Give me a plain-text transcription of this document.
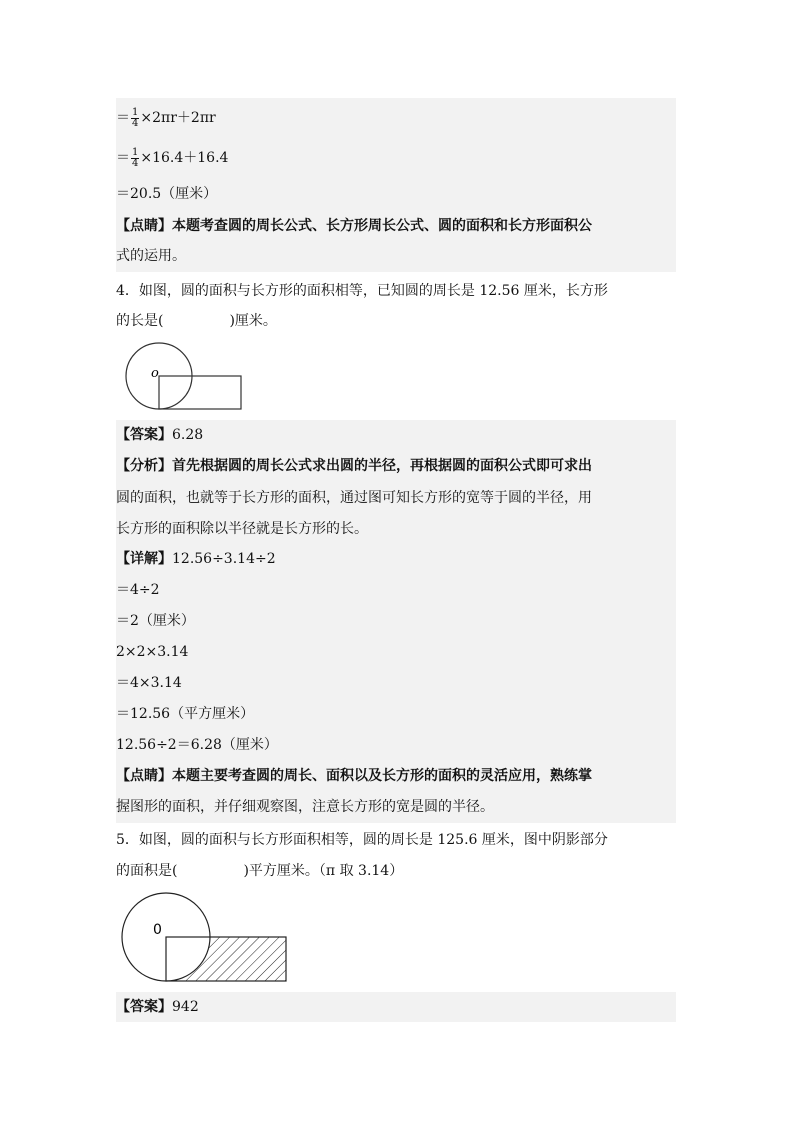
＝ $\frac{1}{4} \times 2\pi r+2\pi r$
＝ $\frac{1}{4} \times 16.4+16.4$
＝20.5（厘米）
【点睛】本题考查圆的周长公式、长方形周长公式、圆的面积和长方形面积公
式的运用。
4．如图，圆的面积与长方形的面积相等，已知圆的周长是 12.56 厘米，长方形
的长是(	)厘米。
o
【答案】6.28
【分析】首先根据圆的周长公式求出圆的半径，再根据圆的面积公式即可求出
圆的面积，也就等于长方形的面积，通过图可知长方形的宽等于圆的半径，用
长方形的面积除以半径就是长方形的长。
【详解】12.56÷3.14÷2
＝4÷2
＝2（厘米）
2×2×3.14
＝4×3.14
＝12.56（平方厘米）
12.56÷2＝6.28（厘米）
【点睛】本题主要考查圆的周长、面积以及长方形的面积的灵活应用，熟练掌
握图形的面积，并仔细观察图，注意长方形的宽是圆的半径。
5．如图，圆的面积与长方形面积相等，圆的周长是 125.6 厘米，图中阴影部分
的面积是(	)平方厘米。（π 取 3.14）
0
【答案】942
